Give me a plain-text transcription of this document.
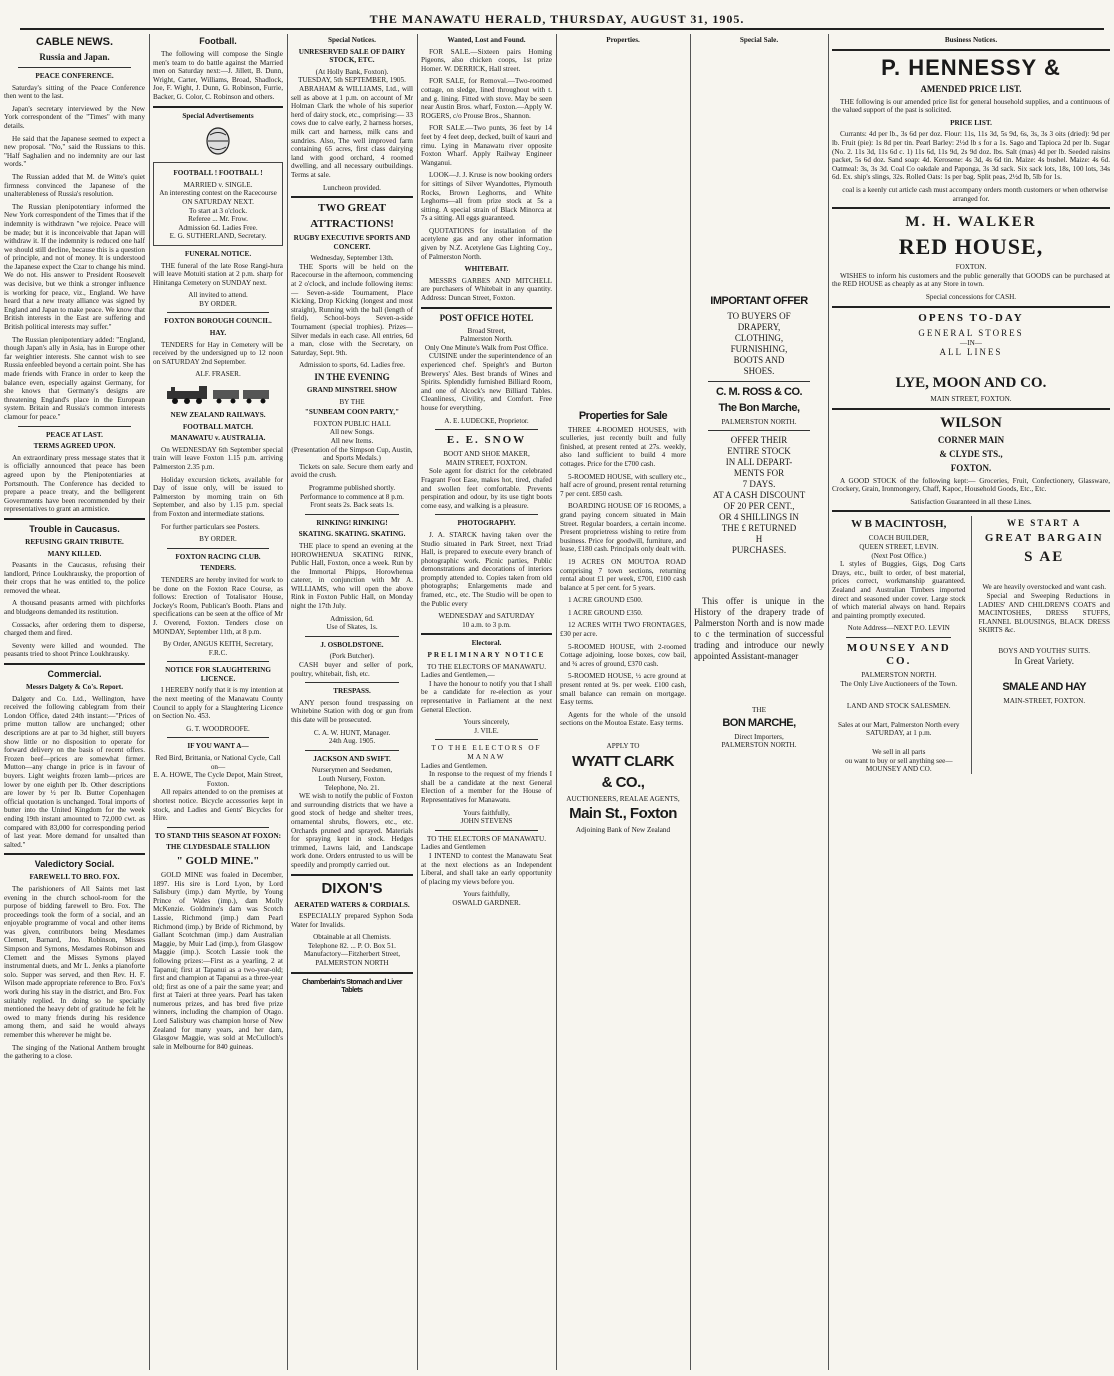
THE MANAWATU HERALD, THURSDAY, AUGUST 31, 1905.
CABLE NEWS.
Russia and Japan.
PEACE CONFERENCE.

Saturday's sitting of the Peace Conference then went to the last.

Japan's secretary interviewed by the New York correspondent of the "Times" with many details.

He said that the Japanese seemed to expect a new proposal. "No," said the Russians to this. "Half Saghalien and no indemnity are our last words."

The Russian added that M. de Witte's quiet firmness convinced the Japanese of the unalterableness of Russia's resolution.

The Russian plenipotentiary informed the New York correspondent of the Times that if the indemnity is withdrawn "we rejoice. Peace will be made; but it is inconceivable that Japan will withdraw it. If the indemnity is reduced one half we should still decline, because this is a question of principle, and not of money. It is understood the Japanese expect the Czar to change his mind. We do not. His answer to President Roosevelt was decisive, but we think a stronger influence is working for peace, viz., England. We have heard that a new treaty alliance was signed by England and Japan to make peace. We know that British interests in the East are suffering and British political interests may suffer."

The Russian plenipotentiary added: "England, though Japan's ally in Asia, has in Europe other far weightier interests. She cannot wish to see Russia enfeebled beyond a certain point. She has made friends with France in order to keep the balance even, especially against Germany, for she knows that Germany's designs are threatening England's place in the European system. Britain and Russia's common interests clamour for peace."

PEACE AT LAST.
TERMS AGREED UPON.

An extraordinary press message states that it is officially announced that peace has been agreed upon by the Plenipotentiaries at Portsmouth. The Conference has decided to prepare a peace treaty, and the belligerent Governments have been recommended by their representatives to grant an armistice.

Trouble in Caucasus.
REFUSING GRAIN TRIBUTE.
MANY KILLED.

Peasants in the Caucasus, refusing their landlord, Prince Loukhrausky, the proportion of their crops that he was entitled to, the police removed the wheat.

A thousand peasants armed with pitchforks and bludgeons demanded its restitution.

Cossacks, after ordering them to disperse, charged them and fired.

Seventy were killed and wounded. The peasants tried to shoot Prince Loukhrausky.

Commercial.
Messrs Dalgety & Co's. Report.

Dalgety and Co. Ltd., Wellington, have received the following cablegram from their London Office, dated 24th instant:—"Prices of prime mutton tallow are unchanged; other descriptions are at par to 3d higher, still buyers show little or no disposition to operate for forward delivery on the basis of recent offers. Frozen beef—prices are somewhat firmer. Mutton—any change in price is in favour of buyers. Light weights frozen lamb—prices are lower by one eighth per lb. Other descriptions are lower by ½ per lb. Butter Copenhagen official quotation is unchanged. Total imports of butter into the United Kingdom for the week ending 19th instant amounted to 72,000 cwt. as compared with 83,000 for corresponding period of last year. More demand for unsalted than salted."

Valedictory Social.
FAREWELL TO BRO. FOX.

The parishioners of All Saints met last evening in the church school-room for the purpose of bidding farewell to Bro. Fox. The proceedings took the form of a social, and an enjoyable programme of vocal and other items was given, contributors being Mesdames Clemett, Barnard, Jno. Robinson, Misses Simpson and Symons, Mesdames Robinson and Clemett and the Misses Symons played instrumental duets, and Mr L. Jenks a pianoforte solo. Supper was served, and then Rev. H. F. Wilson made appropriate reference to Bro. Fox's work during his stay in the district, and Bro. Fox suitably replied. In doing so he specially mentioned the heavy debt of gratitude he felt he owed to many friends during his residence among them, and said he would always remember this wherever he might be.

The singing of the National Anthem brought the gathering to a close.

Football.

The following will compose the Single men's team to do battle against the Married men on Saturday next:—J. Jillett, B. Dunn, Wright, Carter, Williams, Broad, Shadlock, Joe, F. Wight, J. Dunn, G. Robinson, Furrie, Backer, G. Color, C. Robinson and others.

Special Advertisements
FOOTBALL ! FOOTBALL !
MARRIED v. SINGLE.
An interesting contest on the Racecourse ON SATURDAY NEXT.
To start at 3 o'clock.
Referee ... Mr. Frow.
Admission 6d. Ladies Free.
E. G. SUTHERLAND, Secretary.
FUNERAL NOTICE.

THE funeral of the late Rose Rangi-hura will leave Motuiti station at 2 p.m. sharp for Hinitanga Cemetery on SUNDAY next.

All invited to attend.
BY ORDER.
FOXTON BOROUGH COUNCIL.
HAY.

TENDERS for Hay in Cemetery will be received by the undersigned up to 12 noon on SATURDAY 2nd September.

ALF. FRASER.
NEW ZEALAND RAILWAYS.
FOOTBALL MATCH.
MANAWATU v. AUSTRALIA.

On WEDNESDAY 6th September special train will leave Foxton 1.15 p.m. arriving Palmerston 2.35 p.m.

Holiday excursion tickets, available for Day of issue only, will be issued to Palmerston by morning train on 6th September, and also by 1.15 p.m. special from Foxton and intermediate stations.

For further particulars see Posters.

BY ORDER.
FOXTON RACING CLUB.
TENDERS.

TENDERS are hereby invited for work to be done on the Foxton Race Course, as follows: Erection of Totalisator House, Jockey's Room, Publican's Booth. Plans and specifications can be seen at the office of Mr J. Overend, Foxton. Tenders close on MONDAY, September 11th, at 8 p.m.

By Order, ANGUS KEITH, Secretary, F.R.C.
NOTICE FOR SLAUGHTERING LICENCE.

I HEREBY notify that it is my intention at the next meeting of the Manawatu County Council to apply for a Slaughtering Licence on Section No. 453.

G. T. WOODROOFE.
IF YOU WANT A—
Red Bird, Brittania, or National Cycle, Call on—
E. A. HOWE, The Cycle Depot, Main Street, Foxton.

All repairs attended to on the premises at shortest notice. Bicycle accessories kept in stock, and Ladies and Gents' Bicycles for Hire.

TO STAND THIS SEASON AT FOXON:
THE CLYDESDALE STALLION
" GOLD MINE."

GOLD MINE was foaled in December, 1897. His sire is Lord Lyon, by Lord Salisbury (imp.) dam Myrtle, by Young Prince of Wales (imp.), dam Molly McKenzie. Goldmine's dam was Scotch Lassie, Richmond (imp.) dam Pearl Richmond (imp.) by Bride of Richmond, by Gallant Scotchman (imp.) dam Australian Maggie, by Muir Lad (imp.), from Glasgow Maggie (imp.). Scotch Lassie took the following prizes:—First as a yearling, 2 at Tapanui; first at Tapanui as a two-year-old; first and champion at Tapanui as a three-year old; first as one of a pair the same year; and first at Taieri at three years. Pearl has taken numerous prizes, and has bred five prize winners, including the champion of Otago. Lord Salisbury was champion horse of New Zealand for many years, and her dam, Glasgow Maggie, was sold at McCulloch's sale in Melbourne for 840 guineas.

Special Notices.
UNRESERVED SALE OF DAIRY STOCK, ETC.
(At Holly Bank, Foxton).
TUESDAY, 5th SEPTEMBER, 1905.

ABRAHAM & WILLIAMS, Ltd., will sell as above at 1 p.m. on account of Mr Holman Clark the whole of his superior herd of dairy stock, etc., comprising:— 33 cows due to calve early, 2 harness horses, milk cart and harness, milk cans and sundries. Also, The well improved farm containing 65 acres, first class dairying land with good orchard, 4 roomed dwelling, and all necessary outbuildings. Terms at sale.

Luncheon provided.
TWO GREAT
ATTRACTIONS!
RUGBY EXECUTIVE SPORTS AND CONCERT.
Wednesday, September 13th.

THE Sports will be held on the Racecourse in the afternoon, commencing at 2 o'clock, and include following items:— Seven-a-side Tournament, Place Kicking, Drop Kicking (longest and most straight), Running with the ball (length of field), School-boys Seven-a-side Tournament (special trophies). Prizes—Silver medals in each case. All entries, 6d a man, close with the Secretary, on Saturday, Sept. 9th.

Admission to sports, 6d. Ladies free.
IN THE EVENING
GRAND MINSTREL SHOW
BY THE
"SUNBEAM COON PARTY,"
FOXTON PUBLIC HALL
All new Songs.
All new Items.
(Presentation of the Simpson Cup, Austin, and Sports Medals.)

Tickets on sale. Secure them early and avoid the crush.

Programme published shortly.
Performance to commence at 8 p.m.
Front seats 2s. Back seats 1s.
RINKING! RINKING!
SKATING. SKATING. SKATING.

THE place to spend an evening at the HOROWHENUA SKATING RINK, Public Hall, Foxton, once a week. Run by the Immortal Phipps, Horowhenua caterer, in conjunction with Mr A. WILLIAMS, who will open the above Rink in Foxton Public Hall, on Monday night the 17th July.

Admission, 6d.
Use of Skates, 1s.
J. OSBOLDSTONE.
(Pork Butcher).

CASH buyer and seller of pork, poultry, whitebait, fish, etc.

TRESPASS.

ANY person found trespassing on Whitebine Station with dog or gun from this date will be prosecuted.

C. A. W. HUNT, Manager.
24th Aug. 1905.
JACKSON AND SWIFT.
Nurserymen and Seedsmen,
Louth Nursery, Foxton.
Telephone, No. 21.

WE wish to notify the public of Foxton and surrounding districts that we have a good stock of hedge and shelter trees, ornamental shrubs, flowers, etc., etc. Orchards pruned and sprayed. Materials for spraying kept in stock. Hedges trimmed, Lawns laid, and Landscape work done. Orders entrusted to us will be speedily and promptly carried out.

DIXON'S
AERATED WATERS & CORDIALS.

ESPECIALLY prepared Syphon Soda Water for Invalids.

Obtainable at all Chemists.
Telephone 82. ... P. O. Box 51.
Manufactory—Fitzherbert Street, PALMERSTON NORTH
Chamberlain's Stomach and Liver Tablets
Wanted, Lost and Found.

FOR SALE.—Sixteen pairs Homing Pigeons, also chicken coops, 1st prize Homer. W. DERRICK, Hall street.

FOR SALE, for Removal.—Two-roomed cottage, on sledge, lined throughout with t. and g. lining. Fitted with stove. May be seen near Austin Bros. wharf, Foxton.—Apply W. ROGERS, c/o Prouse Bros., Shannon.

FOR SALE.—Two punts, 36 feet by 14 feet by 4 feet deep, decked, built of kauri and rimu. Lying in Manawatu river opposite Foxton Wharf. Apply Railway Engineer Wanganui.

LOOK—J. J. Kruse is now booking orders for sittings of Silver Wyandottes, Plymouth Rocks, Brown Leghorns, and White Leghorns—all from prize stock at 5s a sitting. A special strain of Black Minorca at 7s a sitting. All eggs guaranteed.

QUOTATIONS for installation of the acetylene gas and any other information given by N.Z. Acetylene Gas Lighting Coy., of Palmerston North.

WHITEBAIT.

MESSRS GARBES AND MITCHELL are purchasers of Whitebait in any quantity. Address: Duncan Street, Foxton.

POST OFFICE HOTEL
Broad Street,
Palmerston North.
Only One Minute's Walk from Post Office.

CUISINE under the superintendence of an experienced chef. Speight's and Burton Brewerys' Ales. Best brands of Wines and Spirits. Splendidly furnished Billiard Room, and one of Alcock's new Billiard Tables. Cleanliness, Civility, and Comfort. Free house for everything.

A. E. LUDECKE, Proprietor.
E. E. SNOW
BOOT AND SHOE MAKER,
MAIN STREET, FOXTON.

Sole agent for district for the celebrated Fragrant Foot Ease, makes hot, tired, chafed and swollen feet comfortable. Prevents perspiration and odour, by its use tight boots come easy, and walking is a pleasure.

PHOTOGRAPHY.

J. A. STARCK having taken over the Studio situated in Park Street, next Triad Hall, is prepared to execute every branch of photographic work. Picnic parties, Public demonstrations and decorations of interiors promptly attended to. Copies taken from old photographs; Enlargements made and framed, etc., etc. The Studio will be open to the Public every

WEDNESDAY and SATURDAY
10 a.m. to 3 p.m.
Electoral.
PRELIMINARY NOTICE
TO THE ELECTORS OF MANAWATU.
Ladies and Gentlemen,—

I have the honour to notify you that I shall be a candidate for re-election as your representative in Parliament at the next General Election.

Yours sincerely,
J. VILE.
TO THE ELECTORS OF MANAW
Ladies and Gentlemen.

In response to the request of my friends I shall be a candidate at the next General Election of a member for the House of Representatives for Manawatu.

Yours faithfully,
JOHN STEVENS
TO THE ELECTORS OF MANAWATU.
Ladies and Gentlemen

I INTEND to contest the Manawatu Seat at the next elections as an Independent Liberal, and shall take an early opportunity of placing my views before you.

Yours faithfully,
OSWALD GARDNER.
Properties.
Properties for Sale

THREE 4-ROOMED HOUSES, with sculleries, just recently built and fully finished, at present rented at 27s. weekly, also land sufficient to build 4 more cottages. Price for the £700 cash.

5-ROOMED HOUSE, with scullery etc., half acre of ground, present rental returning 7 per cent. £850 cash.

BOARDING HOUSE OF 16 ROOMS, a grand paying concern situated in Main Street. Regular boarders, a certain income. Present proprietress wishing to retire from business. Price for goodwill, furniture, and lease, £180 cash. Principals only dealt with.

19 ACRES ON MOUTOA ROAD comprising 7 town sections, returning rental about £1 per week, £700, £100 cash balance at 5 per cent. for 5 years.

1 ACRE GROUND £500.

1 ACRE GROUND £350.

12 ACRES WITH TWO FRONTAGES, £30 per acre.

5-ROOMED HOUSE, with 2-roomed Cottage adjoining, loose boxes, cow bail, and ¾ acres of ground, £370 cash.

5-ROOMED HOUSE, ½ acre ground at present rented at 9s. per week. £100 cash, small balance can remain on mortgage. Easy terms.

Agents for the whole of the unsold sections on the Moutoa Estate. Easy terms.

APPLY TO
WYATT CLARK
& CO.,
AUCTIONEERS, REALAE AGENTS,
Main St., Foxton
Adjoining Bank of New Zealand
Special Sale.
IMPORTANT OFFER
TO BUYERS OF
DRAPERY,
CLOTHING,
FURNISHING,
BOOTS AND
SHOES.
C. M. ROSS & CO.
The Bon Marche,
PALMERSTON NORTH.
OFFER THEIR
ENTIRE STOCK
IN ALL DEPART-
MENTS FOR
7 DAYS.
AT A CASH DISCOUNT
OF 20 PER CENT.,
OR 4 SHILLINGS IN
THE £ RETURNED
H
PURCHASES.

This offer is unique in the History of the drapery trade of Palmerston North and is now made to c the termination of successful trading and introduce our newly appointed Assistant-manager

THE
BON MARCHE,
Direct Importers,
PALMERSTON NORTH.
Business Notices.
P. HENNESSY &
AMENDED PRICE LIST.

THE following is our amended price list for general household supplies, and a continuous of the valued support of the past is solicited.

PRICE LIST.

Currants: 4d per lb., 3s 6d per doz. Flour: 11s, 11s 3d, 5s 9d, 6s, 3s, 3s 3 oits (dried): 9d per lb. Fruit (pie): 1s 8d per tin. Pearl Barley: 2½d lb s for a 1s. Sago and Tapioca 2d per lb. Sugar (No. 2. 11s 3d, 11s 6d c. 1) 11s 6d, 11s 9d, 2s 9d doz. lbs. Salt (mas) 4d per lb. Seeded raisins packet, 5s 6d doz. Sand soap: 4d. Kerosene: 4s 3d, 4s 6d tin. Maize: 4s bushel. Maize: 4s 6d. Oatmeal: 3s, 3s 3d. Coal Co oakdale and Paponga, 3s 3d sack. Six sack lots, 18s, 100 lots, 34s 6d. Ex. ship's slings, 32s. Rolled Oats: 1s per bag. Split peas, 2½d lb, 5lb for 1s.

coal is a keenly cut article cash must accompany orders month customers or when otherwise arranged for.

M. H. WALKER
RED HOUSE,
FOXTON.

WISHES to inform his customers and the public generally that GOODS can be purchased at the RED HOUSE as cheaply as at any Store in town.

Special concessions for CASH.
OPENS TO-DAY
GENERAL STORES
—IN—
ALL LINES
LYE, MOON AND CO.
MAIN STREET, FOXTON.
WILSON
CORNER MAIN
& CLYDE STS.,
FOXTON.

A GOOD STOCK of the following kept:— Groceries, Fruit, Confectionery, Glassware, Crockery, Grain, Ironmongery, Chaff, Kapoc, Household Goods, Etc., Etc.

Satisfaction Guaranteed in all these Lines.
W B MACINTOSH,
COACH BUILDER,
QUEEN STREET, LEVIN.
(Next Post Office.)

L styles of Buggies, Gigs, Dog Carts Drays, etc., built to order, of best material, prices correct, workmanship guaranteed. Zealand and Australian Timbers imported direct and seasoned under cover. Large stock of which material always on hand. Repairs and painting promptly executed.

Note Address—NEXT P.O. LEVIN
MOUNSEY AND CO.
PALMERSTON NORTH.
The Only Live Auctioneers of the Town.
LAND AND STOCK SALESMEN.
Sales at our Mart, Palmerston North every
SATURDAY, at 1 p.m.
We sell in all parts
ou want to buy or sell anything see—
MOUNSEY AND CO.
WE START A
GREAT BARGAIN
S AE
We are heavily overstocked and want cash.

Special and Sweeping Reductions in LADIES' AND CHILDREN'S COATS and MACINTOSHES, DRESS STUFFS, FLANNEL BLOUSINGS, BLACK DRESS SKIRTS &c.

BOYS AND YOUTHS' SUITS.
In Great Variety.
SMALE AND HAY
MAIN-STREET, FOXTON.
